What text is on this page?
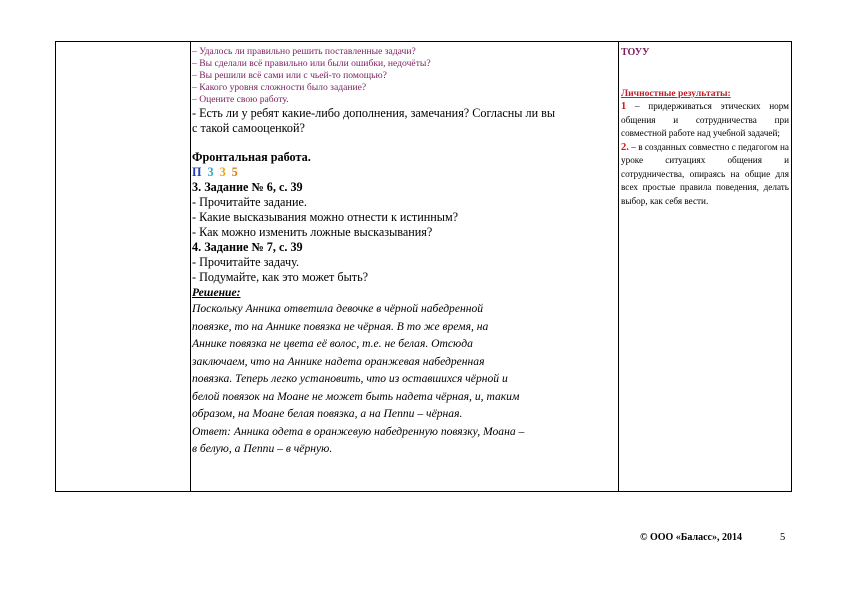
– Удалось ли правильно решить поставленные задачи?
– Вы сделали всё правильно или были ошибки, недочёты?
– Вы решили всё сами или с чьей-то помощью?
– Какого уровня сложности было задание?
– Оцените свою работу.
- Есть ли у ребят какие-либо дополнения, замечания? Согласны ли вы
с такой самооценкой?
Фронтальная работа.
П 3 3 5
3. Задание № 6, с. 39
- Прочитайте задание.
- Какие высказывания можно отнести к истинным?
- Как можно изменить ложные высказывания?
4. Задание № 7, с. 39
- Прочитайте задачу.
- Подумайте, как это может быть?
Решение:
Поскольку Анника ответила девочке в чёрной набедренной
повязке, то на Аннике повязка не чёрная. В то же время, на
Аннике повязка не цвета её волос, т.е. не белая. Отсюда
заключаем, что на Аннике надета оранжевая набедренная
повязка. Теперь легко установить, что из оставшихся чёрной и
белой повязок на Моане не может быть надета чёрная, и, таким
образом, на Моане белая повязка, а на Пеппи – чёрная.
Ответ: Анника одета в оранжевую набедренную повязку, Моана –
в белую, а Пеппи – в чёрную.
ТОУУ
Личностные результаты:
1 – придерживаться этических норм общения и сотрудничества при совместной работе над учебной задачей;
2. – в созданных совместно с педагогом на уроке ситуациях общения и сотрудничества, опираясь на общие для всех простые правила поведения, делать выбор, как себя вести.
© ООО «Баласс», 2014	5
